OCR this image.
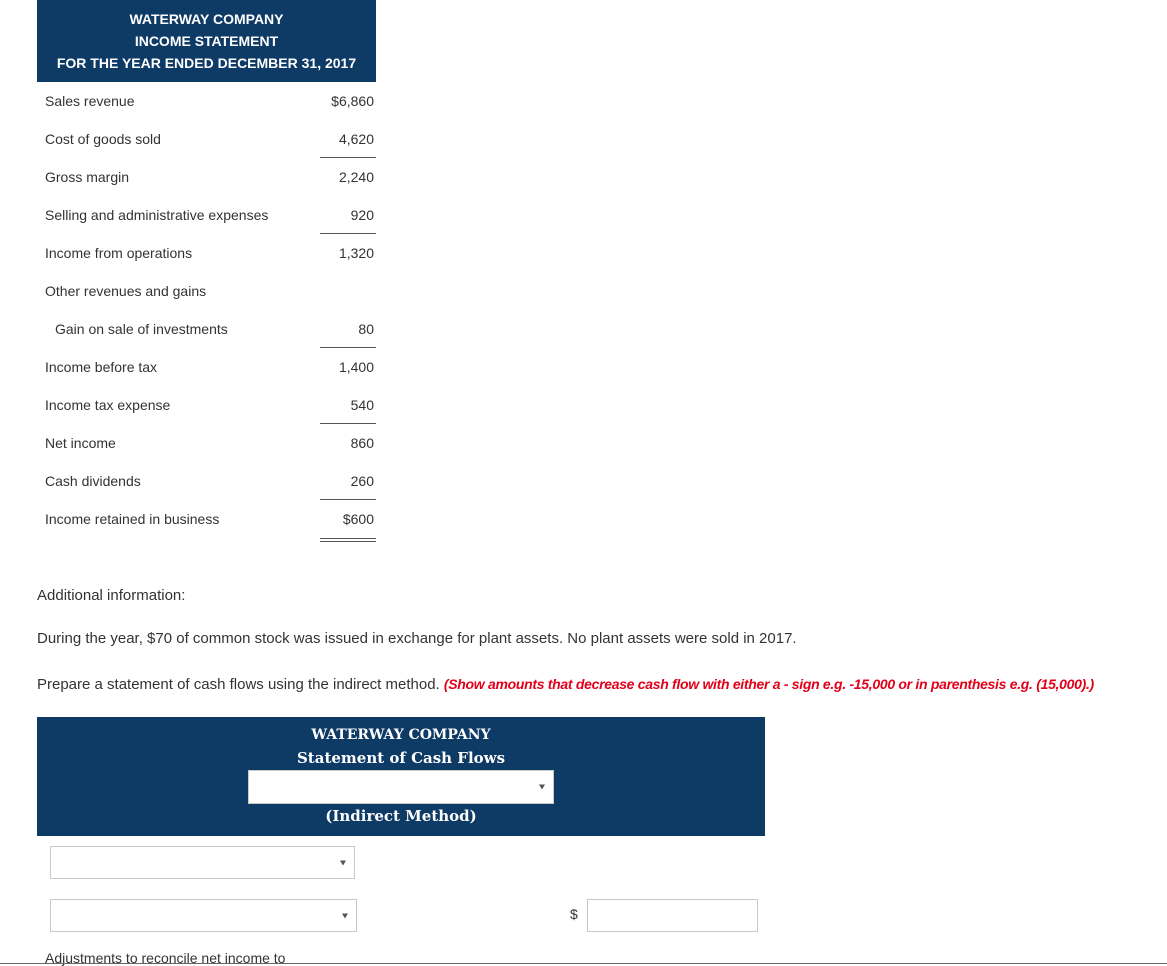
WATERWAY COMPANY
INCOME STATEMENT
FOR THE YEAR ENDED DECEMBER 31, 2017
Sales revenue	$6,860
Cost of goods sold	4,620
Gross margin	2,240
Selling and administrative expenses	920
Income from operations	1,320
Other revenues and gains
Gain on sale of investments	80
Income before tax	1,400
Income tax expense	540
Net income	860
Cash dividends	260
Income retained in business	$600
Additional information:
During the year, $70 of common stock was issued in exchange for plant assets. No plant assets were sold in 2017.
Prepare a statement of cash flows using the indirect method. (Show amounts that decrease cash flow with either a - sign e.g. -15,000 or in parenthesis e.g. (15,000).)
WATERWAY COMPANY
Statement of Cash Flows
(Indirect Method)
$
Adjustments to reconcile net income to
